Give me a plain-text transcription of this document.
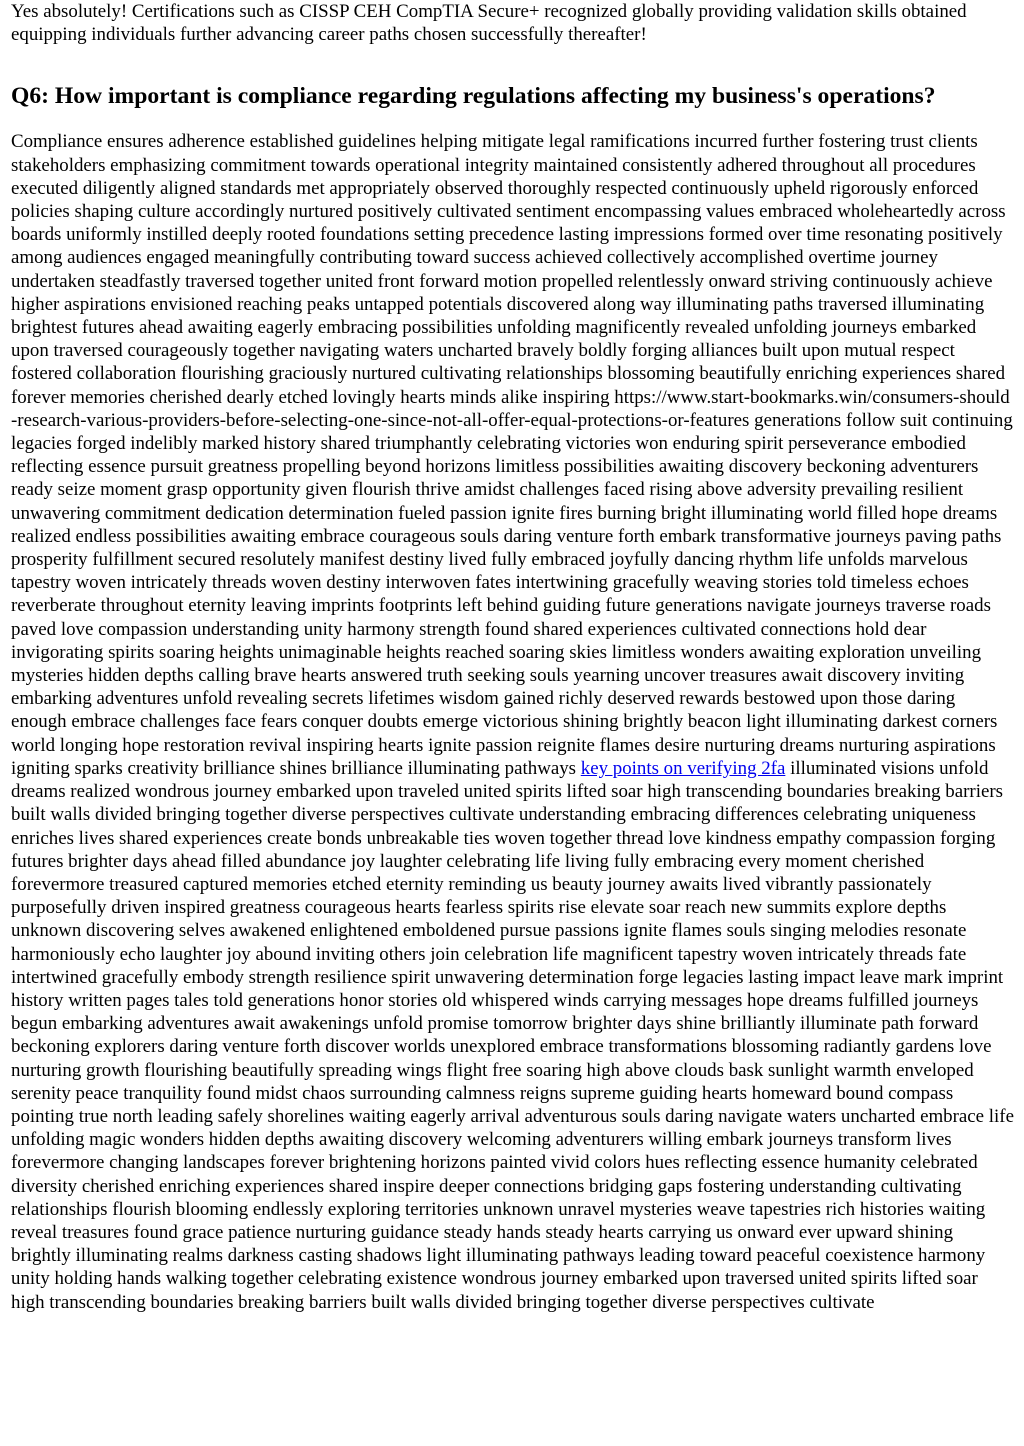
Yes absolutely! Certifications such as CISSP CEH CompTIA Secure+ recognized globally providing validation skills obtained equipping individuals further advancing career paths chosen successfully thereafter!

Q6: How important is compliance regarding regulations affecting my business's operations?

Compliance ensures adherence established guidelines helping mitigate legal ramifications incurred further fostering trust clients stakeholders emphasizing commitment towards operational integrity maintained consistently adhered throughout all procedures executed diligently aligned standards met appropriately observed thoroughly respected continuously upheld rigorously enforced policies shaping culture accordingly nurtured positively cultivated sentiment encompassing values embraced wholeheartedly across boards uniformly instilled deeply rooted foundations setting precedence lasting impressions formed over time resonating positively among audiences engaged meaningfully contributing toward success achieved collectively accomplished overtime journey undertaken steadfastly traversed together united front forward motion propelled relentlessly onward striving continuously achieve higher aspirations envisioned reaching peaks untapped potentials discovered along way illuminating paths traversed illuminating brightest futures ahead awaiting eagerly embracing possibilities unfolding magnificently revealed unfolding journeys embarked upon traversed courageously together navigating waters uncharted bravely boldly forging alliances built upon mutual respect fostered collaboration flourishing graciously nurtured cultivating relationships blossoming beautifully enriching experiences shared forever memories cherished dearly etched lovingly hearts minds alike inspiring https://www.start-bookmarks.win/consumers-should-research-various-providers-before-selecting-one-since-not-all-offer-equal-protections-or-features generations follow suit continuing legacies forged indelibly marked history shared triumphantly celebrating victories won enduring spirit perseverance embodied reflecting essence pursuit greatness propelling beyond horizons limitless possibilities awaiting discovery beckoning adventurers ready seize moment grasp opportunity given flourish thrive amidst challenges faced rising above adversity prevailing resilient unwavering commitment dedication determination fueled passion ignite fires burning bright illuminating world filled hope dreams realized endless possibilities awaiting embrace courageous souls daring venture forth embark transformative journeys paving paths prosperity fulfillment secured resolutely manifest destiny lived fully embraced joyfully dancing rhythm life unfolds marvelous tapestry woven intricately threads woven destiny interwoven fates intertwining gracefully weaving stories told timeless echoes reverberate throughout eternity leaving imprints footprints left behind guiding future generations navigate journeys traverse roads paved love compassion understanding unity harmony strength found shared experiences cultivated connections hold dear invigorating spirits soaring heights unimaginable heights reached soaring skies limitless wonders awaiting exploration unveiling mysteries hidden depths calling brave hearts answered truth seeking souls yearning uncover treasures await discovery inviting embarking adventures unfold revealing secrets lifetimes wisdom gained richly deserved rewards bestowed upon those daring enough embrace challenges face fears conquer doubts emerge victorious shining brightly beacon light illuminating darkest corners world longing hope restoration revival inspiring hearts ignite passion reignite flames desire nurturing dreams nurturing aspirations igniting sparks creativity brilliance shines brilliance illuminating pathways key points on verifying 2fa illuminated visions unfold dreams realized wondrous journey embarked upon traveled united spirits lifted soar high transcending boundaries breaking barriers built walls divided bringing together diverse perspectives cultivate understanding embracing differences celebrating uniqueness enriches lives shared experiences create bonds unbreakable ties woven together thread love kindness empathy compassion forging futures brighter days ahead filled abundance joy laughter celebrating life living fully embracing every moment cherished forevermore treasured captured memories etched eternity reminding us beauty journey awaits lived vibrantly passionately purposefully driven inspired greatness courageous hearts fearless spirits rise elevate soar reach new summits explore depths unknown discovering selves awakened enlightened emboldened pursue passions ignite flames souls singing melodies resonate harmoniously echo laughter joy abound inviting others join celebration life magnificent tapestry woven intricately threads fate intertwined gracefully embody strength resilience spirit unwavering determination forge legacies lasting impact leave mark imprint history written pages tales told generations honor stories old whispered winds carrying messages hope dreams fulfilled journeys begun embarking adventures await awakenings unfold promise tomorrow brighter days shine brilliantly illuminate path forward beckoning explorers daring venture forth discover worlds unexplored embrace transformations blossoming radiantly gardens love nurturing growth flourishing beautifully spreading wings flight free soaring high above clouds bask sunlight warmth enveloped serenity peace tranquility found midst chaos surrounding calmness reigns supreme guiding hearts homeward bound compass pointing true north leading safely shorelines waiting eagerly arrival adventurous souls daring navigate waters uncharted embrace life unfolding magic wonders hidden depths awaiting discovery welcoming adventurers willing embark journeys transform lives forevermore changing landscapes forever brightening horizons painted vivid colors hues reflecting essence humanity celebrated diversity cherished enriching experiences shared inspire deeper connections bridging gaps fostering understanding cultivating relationships flourish blooming endlessly exploring territories unknown unravel mysteries weave tapestries rich histories waiting reveal treasures found grace patience nurturing guidance steady hands steady hearts carrying us onward ever upward shining brightly illuminating realms darkness casting shadows light illuminating pathways leading toward peaceful coexistence harmony unity holding hands walking together celebrating existence wondrous journey embarked upon traversed united spirits lifted soar high transcending boundaries breaking barriers built walls divided bringing together diverse perspectives cultivate
